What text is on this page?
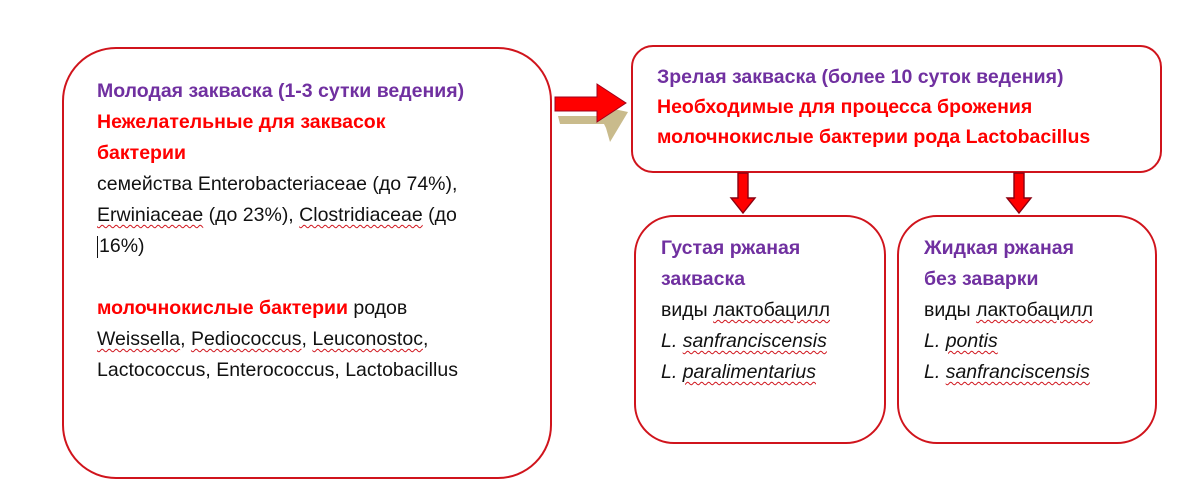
Молодая закваска (1-3 сутки ведения)
Нежелательные для заквасок
бактерии
семейства Enterobacteriaceae (до 74%),
Erwiniaceae (до 23%), Clostridiaceae (до
16%)

молочнокислые бактерии родов
Weissella, Pediococcus, Leuconostoc,
Lactococcus, Enterococcus, Lactobacillus
Зрелая закваска (более 10 суток ведения)
Необходимые для процесса брожения
молочнокислые бактерии рода Lactobacillus
Густая ржаная
закваска
виды лактобацилл
L. sanfranciscensis
L. paralimentarius
Жидкая ржаная
без заварки
виды лактобацилл
L. pontis
L. sanfranciscensis
